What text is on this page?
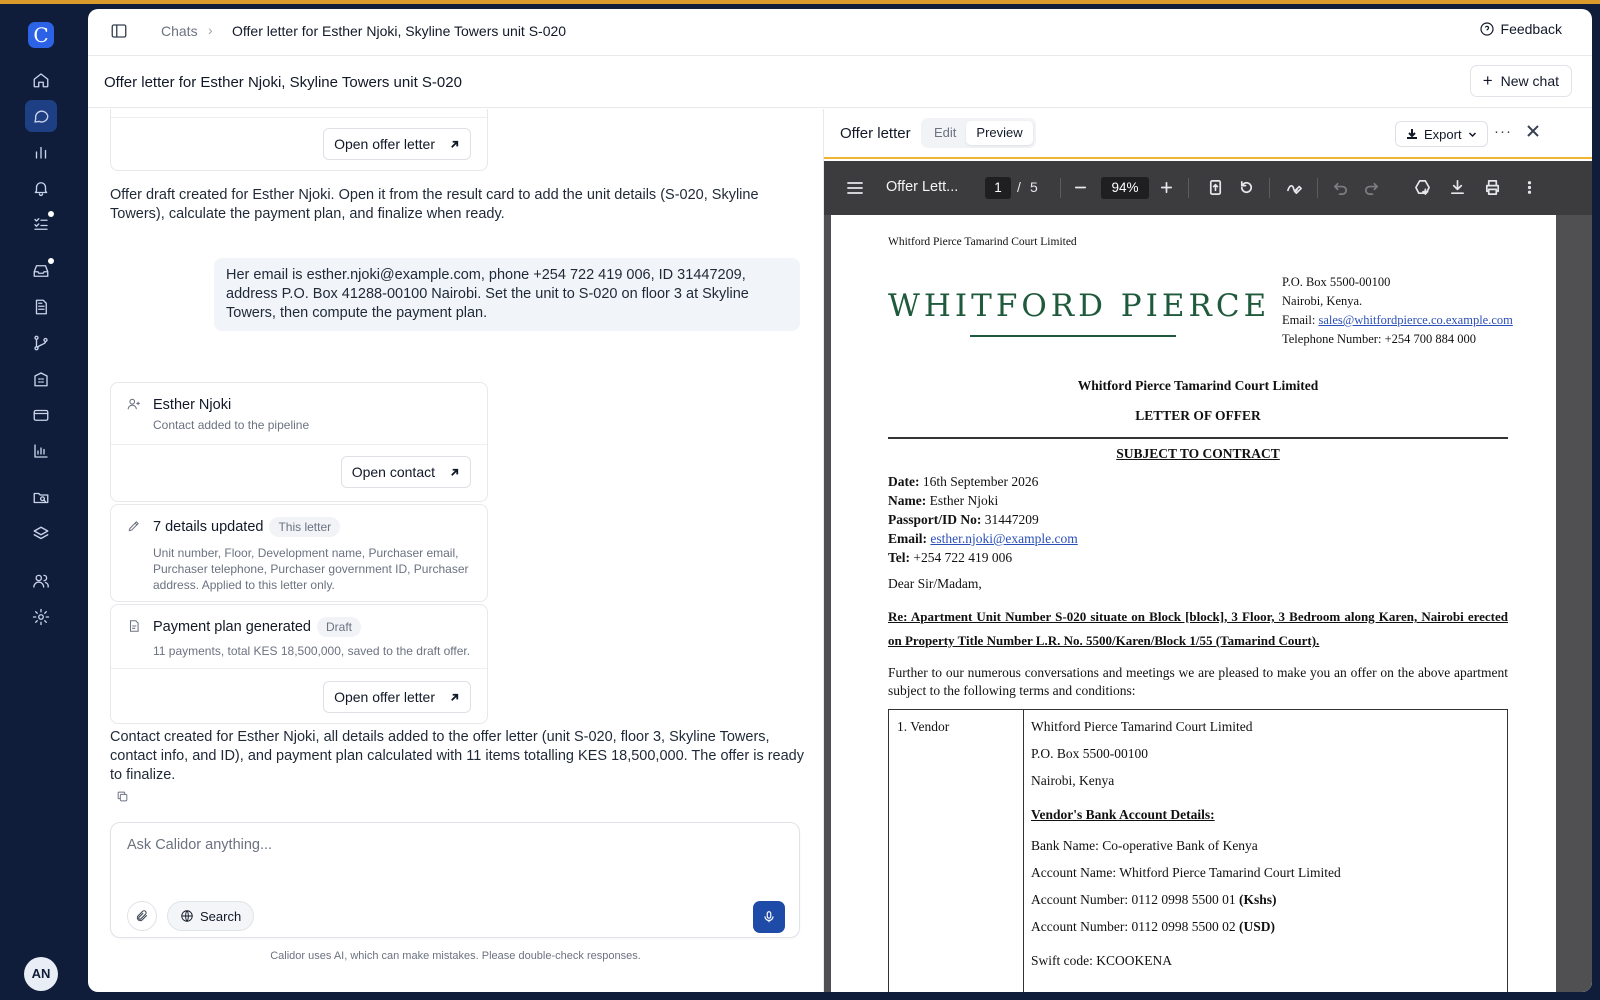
C
AN
Chats › Offer letter for Esther Njoki, Skyline Towers unit S-020	Feedback
Offer letter for Esther Njoki, Skyline Towers unit S-020	+ New chat
Open offer letter

Offer draft created for Esther Njoki. Open it from the result card to add the unit details (S-020, Skyline Towers), calculate the payment plan, and finalize when ready.

Her email is esther.njoki@example.com, phone +254 722 419 006, ID 31447209, address P.O. Box 41288-00100 Nairobi. Set the unit to S-020 on floor 3 at Skyline Towers, then compute the payment plan.
Esther Njoki
Contact added to the pipeline
Open contact
7 details updated This letter
Unit number, Floor, Development name, Purchaser email, Purchaser telephone, Purchaser government ID, Purchaser address. Applied to this letter only.
Payment plan generated Draft
11 payments, total KES 18,500,000, saved to the draft offer.
Open offer letter

Contact created for Esther Njoki, all details added to the offer letter (unit S-020, floor 3, Skyline Towers, contact info, and ID), and payment plan calculated with 11 items totalling KES 18,500,000. The offer is ready to finalize.

Ask Calidor anything...
Search
Calidor uses AI, which can make mistakes. Please double-check responses.
Offer letter	Edit	Preview	Export ···
Offer Lett...	1	/ 5	94%
Whitford Pierce Tamarind Court Limited
WHITFORD PIERCE
P.O. Box 5500-00100
Nairobi, Kenya.
Email: sales@whitfordpierce.co.example.com
Telephone Number: +254 700 884 000
Whitford Pierce Tamarind Court Limited
LETTER OF OFFER
SUBJECT TO CONTRACT
Date: 16th September 2026
Name: Esther Njoki
Passport/ID No: 31447209
Email: esther.njoki@example.com
Tel: +254 722 419 006
Dear Sir/Madam,
Re: Apartment Unit Number S-020 situate on Block [block], 3 Floor, 3 Bedroom along Karen, Nairobi erected on Property Title Number L.R. No. 5500/Karen/Block 1/55 (Tamarind Court).
Further to our numerous conversations and meetings we are pleased to make you an offer on the above apartment subject to the following terms and conditions:
1. Vendor	Whitford Pierce Tamarind Court Limited
P.O. Box 5500-00100
Nairobi, Kenya
Vendor's Bank Account Details:
Bank Name: Co-operative Bank of Kenya
Account Name: Whitford Pierce Tamarind Court Limited
Account Number: 0112 0998 5500 01 (Kshs)
Account Number: 0112 0998 5500 02 (USD)
Swift code: KCOOKENA
